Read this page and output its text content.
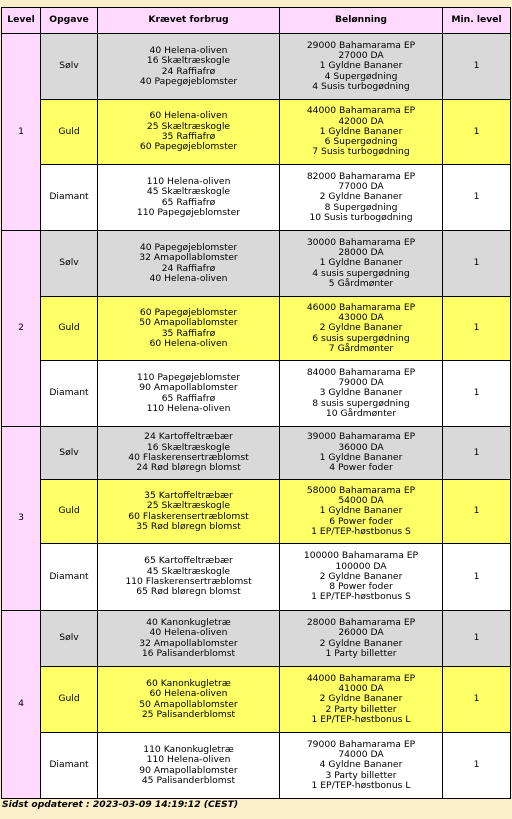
Level	Opgave	Krævet forbrug	Belønning	Min. level
1	Sølv	40 Helena-oliven
16 Skæltræskogle
24 Raffiafrø
40 Papegøjeblomster	29000 Bahamarama EP
27000 DA
1 Gyldne Bananer
4 Supergødning
4 Susis turbogødning	1
	Guld	60 Helena-oliven
25 Skæltræskogle
35 Raffiafrø
60 Papegøjeblomster	44000 Bahamarama EP
42000 DA
1 Gyldne Bananer
6 Supergødning
7 Susis turbogødning	1
	Diamant	110 Helena-oliven
45 Skæltræskogle
65 Raffiafrø
110 Papegøjeblomster	82000 Bahamarama EP
77000 DA
2 Gyldne Bananer
8 Supergødning
10 Susis turbogødning	1
2	Sølv	40 Papegøjeblomster
32 Amapollablomster
24 Raffiafrø
40 Helena-oliven	30000 Bahamarama EP
28000 DA
1 Gyldne Bananer
4 susis supergødning
5 Gårdmønter	1
	Guld	60 Papegøjeblomster
50 Amapollablomster
35 Raffiafrø
60 Helena-oliven	46000 Bahamarama EP
43000 DA
2 Gyldne Bananer
6 susis supergødning
7 Gårdmønter	1
	Diamant	110 Papegøjeblomster
90 Amapollablomster
65 Raffiafrø
110 Helena-oliven	84000 Bahamarama EP
79000 DA
3 Gyldne Bananer
8 susis supergødning
10 Gårdmønter	1
3	Sølv	24 Kartoffeltræbær
16 Skæltræskogle
40 Flaskerensertræblomst
24 Rød bløregn blomst	39000 Bahamarama EP
36000 DA
1 Gyldne Bananer
4 Power foder	1
	Guld	35 Kartoffeltræbær
25 Skæltræskogle
60 Flaskerensertræblomst
35 Rød bløregn blomst	58000 Bahamarama EP
54000 DA
1 Gyldne Bananer
6 Power foder
1 EP/TEP-høstbonus S	1
	Diamant	65 Kartoffeltræbær
45 Skæltræskogle
110 Flaskerensertræblomst
65 Rød bløregn blomst	100000 Bahamarama EP
100000 DA
2 Gyldne Bananer
8 Power foder
1 EP/TEP-høstbonus S	1
4	Sølv	40 Kanonkugletræ
40 Helena-oliven
32 Amapollablomster
16 Palisanderblomst	28000 Bahamarama EP
26000 DA
2 Gyldne Bananer
1 Party billetter	1
	Guld	60 Kanonkugletræ
60 Helena-oliven
50 Amapollablomster
25 Palisanderblomst	44000 Bahamarama EP
41000 DA
2 Gyldne Bananer
2 Party billetter
1 EP/TEP-høstbonus L	1
	Diamant	110 Kanonkugletræ
110 Helena-oliven
90 Amapollablomster
45 Palisanderblomst	79000 Bahamarama EP
74000 DA
4 Gyldne Bananer
3 Party billetter
1 EP/TEP-høstbonus L	1
Sidst opdateret : 2023-03-09 14:19:12 (CEST)
